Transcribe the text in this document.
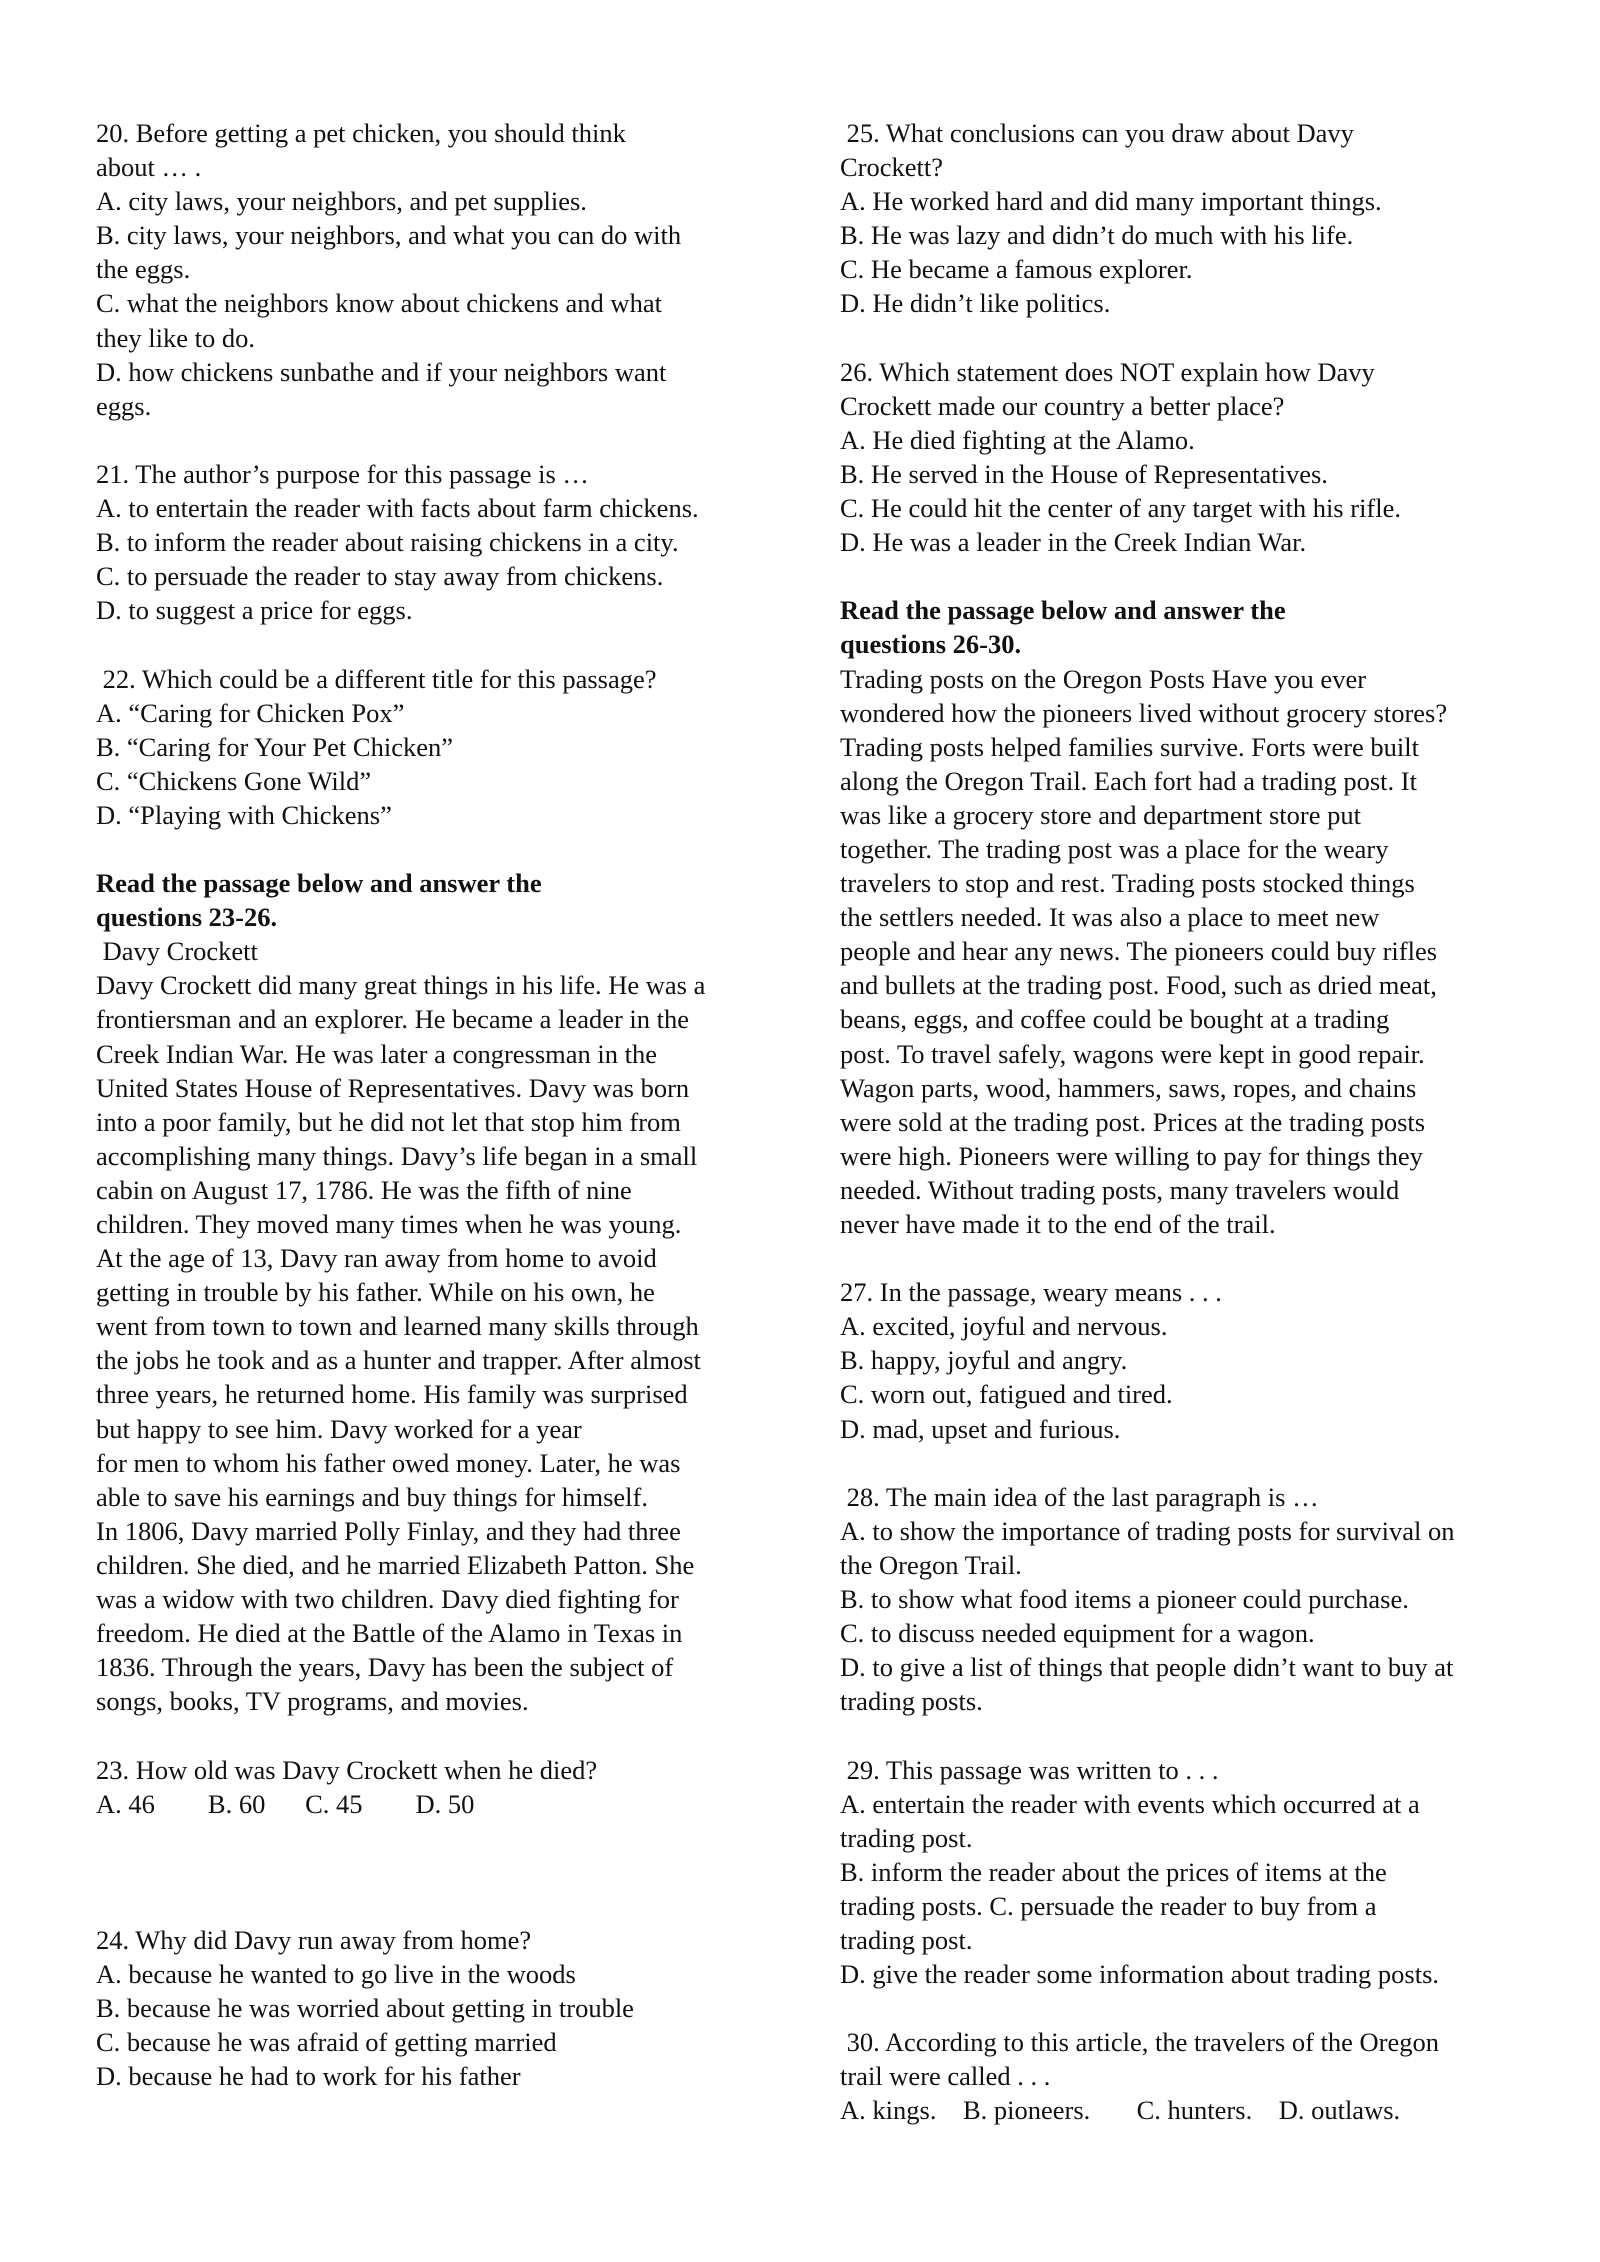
20. Before getting a pet chicken, you should think
about … .
A. city laws, your neighbors, and pet supplies.
B. city laws, your neighbors, and what you can do with
the eggs.
C. what the neighbors know about chickens and what
they like to do.
D. how chickens sunbathe and if your neighbors want
eggs.
21. The author’s purpose for this passage is …
A. to entertain the reader with facts about farm chickens.
B. to inform the reader about raising chickens in a city.
C. to persuade the reader to stay away from chickens.
D. to suggest a price for eggs.
22. Which could be a different title for this passage?
A. “Caring for Chicken Pox”
B. “Caring for Your Pet Chicken”
C. “Chickens Gone Wild”
D. “Playing with Chickens”
Read the passage below and answer the
questions 23-26.
Davy Crockett
Davy Crockett did many great things in his life. He was a
frontiersman and an explorer. He became a leader in the
Creek Indian War. He was later a congressman in the
United States House of Representatives. Davy was born
into a poor family, but he did not let that stop him from
accomplishing many things. Davy’s life began in a small
cabin on August 17, 1786. He was the fifth of nine
children. They moved many times when he was young.
At the age of 13, Davy ran away from home to avoid
getting in trouble by his father. While on his own, he
went from town to town and learned many skills through
the jobs he took and as a hunter and trapper. After almost
three years, he returned home. His family was surprised
but happy to see him. Davy worked for a year
for men to whom his father owed money. Later, he was
able to save his earnings and buy things for himself.
In 1806, Davy married Polly Finlay, and they had three
children. She died, and he married Elizabeth Patton. She
was a widow with two children. Davy died fighting for
freedom. He died at the Battle of the Alamo in Texas in
1836. Through the years, Davy has been the subject of
songs, books, TV programs, and movies.
23. How old was Davy Crockett when he died?
A. 46        B. 60      C. 45        D. 50
24. Why did Davy run away from home?
A. because he wanted to go live in the woods
B. because he was worried about getting in trouble
C. because he was afraid of getting married
D. because he had to work for his father
25. What conclusions can you draw about Davy
Crockett?
A. He worked hard and did many important things.
B. He was lazy and didn’t do much with his life.
C. He became a famous explorer.
D. He didn’t like politics.
26. Which statement does NOT explain how Davy
Crockett made our country a better place?
A. He died fighting at the Alamo.
B. He served in the House of Representatives.
C. He could hit the center of any target with his rifle.
D. He was a leader in the Creek Indian War.
Read the passage below and answer the
questions 26-30.
Trading posts on the Oregon Posts Have you ever
wondered how the pioneers lived without grocery stores?
Trading posts helped families survive. Forts were built
along the Oregon Trail. Each fort had a trading post. It
was like a grocery store and department store put
together. The trading post was a place for the weary
travelers to stop and rest. Trading posts stocked things
the settlers needed. It was also a place to meet new
people and hear any news. The pioneers could buy rifles
and bullets at the trading post. Food, such as dried meat,
beans, eggs, and coffee could be bought at a trading
post. To travel safely, wagons were kept in good repair.
Wagon parts, wood, hammers, saws, ropes, and chains
were sold at the trading post. Prices at the trading posts
were high. Pioneers were willing to pay for things they
needed. Without trading posts, many travelers would
never have made it to the end of the trail.
27. In the passage, weary means . . .
A. excited, joyful and nervous.
B. happy, joyful and angry.
C. worn out, fatigued and tired.
D. mad, upset and furious.
28. The main idea of the last paragraph is …
A. to show the importance of trading posts for survival on
the Oregon Trail.
B. to show what food items a pioneer could purchase.
C. to discuss needed equipment for a wagon.
D. to give a list of things that people didn’t want to buy at
trading posts.
29. This passage was written to . . .
A. entertain the reader with events which occurred at a
trading post.
B. inform the reader about the prices of items at the
trading posts. C. persuade the reader to buy from a
trading post.
D. give the reader some information about trading posts.
30. According to this article, the travelers of the Oregon
trail were called . . .
A. kings.    B. pioneers.       C. hunters.    D. outlaws.
